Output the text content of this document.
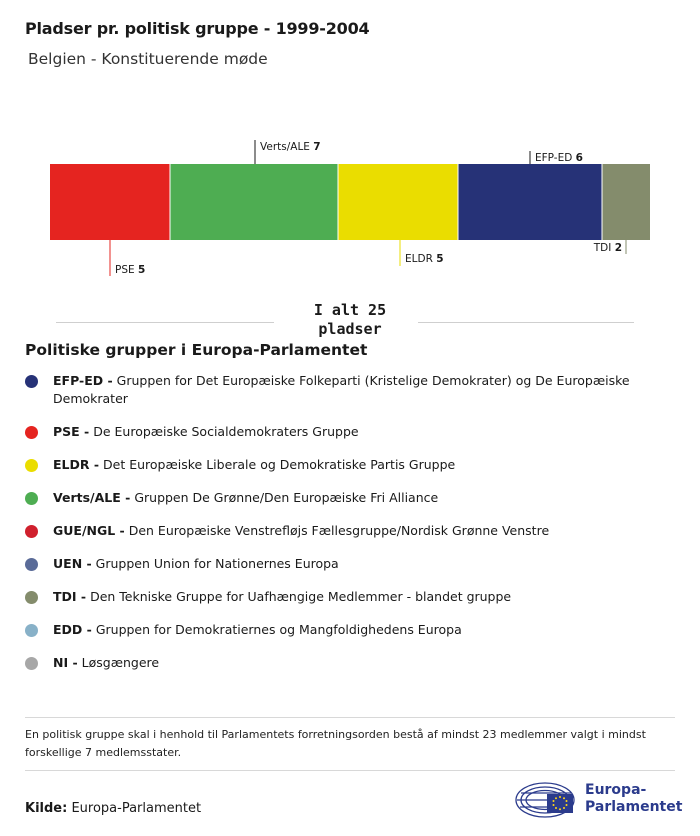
Pladser pr. politisk gruppe - 1999-2004
Belgien - Konstituerende møde
PSE 5
Verts/ALE 7
ELDR 5
EFP-ED 6
TDI 2
I alt 25 pladser
Politiske grupper i Europa-Parlamentet
EFP-ED - Gruppen for Det Europæiske Folkeparti (Kristelige Demokrater) og De Europæiske Demokrater
PSE - De Europæiske Socialdemokraters Gruppe
ELDR - Det Europæiske Liberale og Demokratiske Partis Gruppe
Verts/ALE - Gruppen De Grønne/Den Europæiske Fri Alliance
GUE/NGL - Den Europæiske Venstrefløjs Fællesgruppe/Nordisk Grønne Venstre
UEN - Gruppen Union for Nationernes Europa
TDI - Den Tekniske Gruppe for Uafhængige Medlemmer - blandet gruppe
EDD - Gruppen for Demokratiernes og Mangfoldighedens Europa
NI - Løsgængere
En politisk gruppe skal i henhold til Parlamentets forretningsorden bestå af mindst 23 medlemmer valgt i mindst forskellige 7 medlemsstater.
Kilde: Europa-Parlamentet
Europa-
Parlamentet
